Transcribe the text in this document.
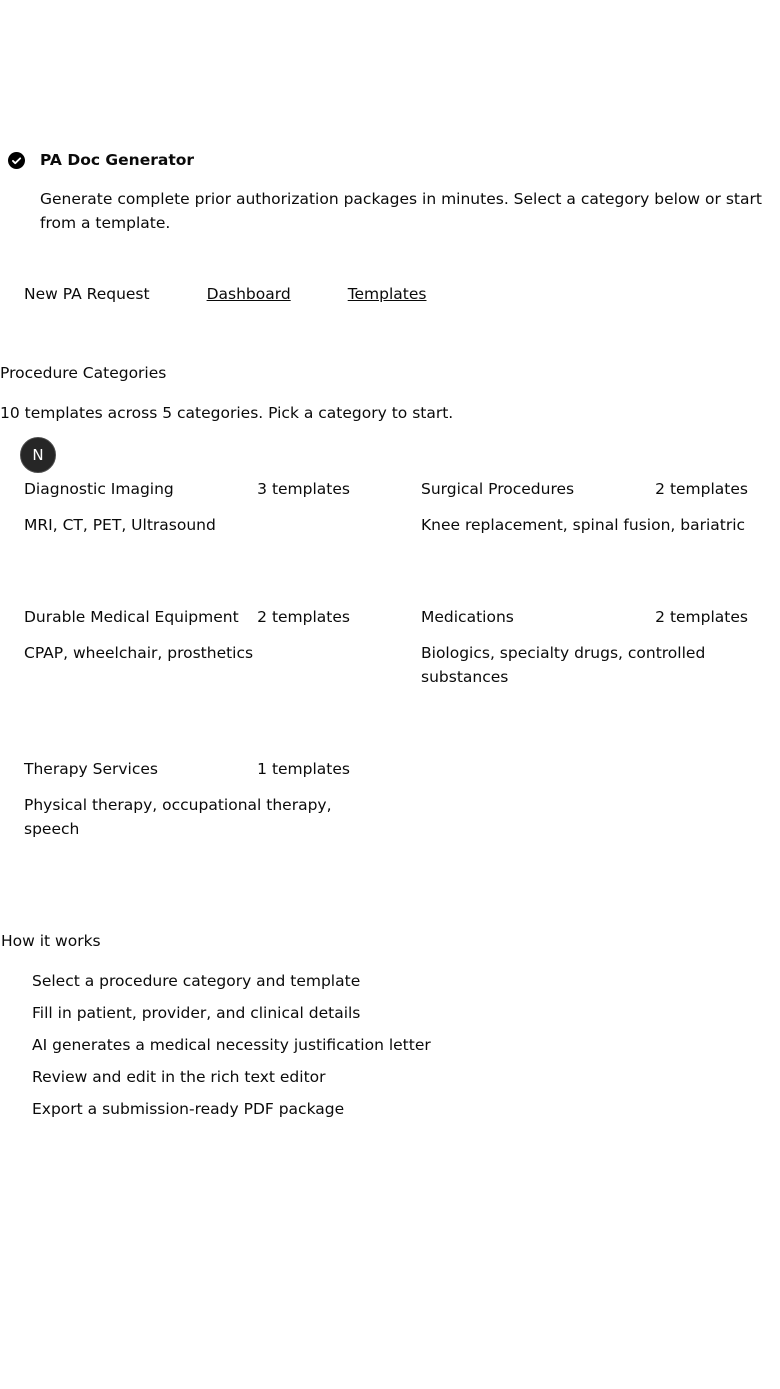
PA Doc Generator
Generate complete prior authorization packages in minutes. Select a category below or start from a template.
New PA Request	Dashboard	Templates
Procedure Categories
10 templates across 5 categories. Pick a category to start.
N
Diagnostic Imaging	3 templates
MRI, CT, PET, Ultrasound
Surgical Procedures	2 templates
Knee replacement, spinal fusion, bariatric
Durable Medical Equipment 2 templates
CPAP, wheelchair, prosthetics
Medications	2 templates
Biologics, specialty drugs, controlled substances
Therapy Services	1 templates
Physical therapy, occupational therapy, speech
How it works
Select a procedure category and template
Fill in patient, provider, and clinical details
AI generates a medical necessity justification letter
Review and edit in the rich text editor
Export a submission-ready PDF package
